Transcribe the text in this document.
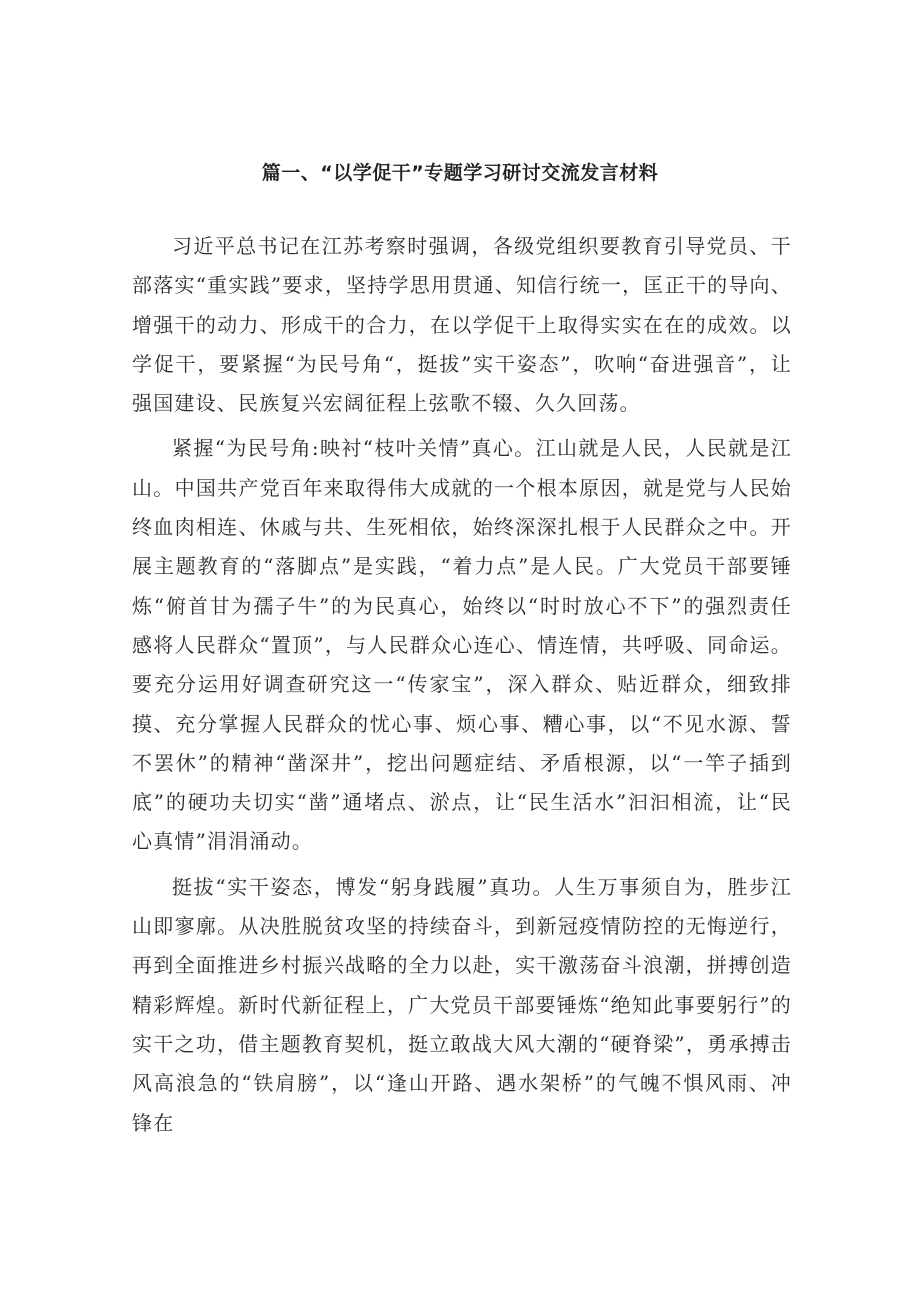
篇一、“以学促干”专题学习研讨交流发言材料

习近平总书记在江苏考察时强调，各级党组织要教育引导党员、干部落实“重实践”要求，坚持学思用贯通、知信行统一，匡正干的导向、增强干的动力、形成干的合力，在以学促干上取得实实在在的成效。以学促干，要紧握“为民号角“，挺拔”实干姿态”，吹响“奋进强音”，让强国建设、民族复兴宏阔征程上弦歌不辍、久久回荡。

紧握“为民号角:映衬“枝叶关情”真心。江山就是人民，人民就是江山。中国共产党百年来取得伟大成就的一个根本原因，就是党与人民始终血肉相连、休戚与共、生死相依，始终深深扎根于人民群众之中。开展主题教育的“落脚点”是实践，“着力点”是人民。广大党员干部要锤炼“俯首甘为孺子牛”的为民真心，始终以“时时放心不下”的强烈责任感将人民群众“置顶”，与人民群众心连心、情连情，共呼吸、同命运。要充分运用好调查研究这一“传家宝”，深入群众、贴近群众，细致排摸、充分掌握人民群众的忧心事、烦心事、糟心事，以“不见水源、誓不罢休”的精神“凿深井”，挖出问题症结、矛盾根源，以“一竿子插到底”的硬功夫切实“凿”通堵点、淤点，让“民生活水”汩汩相流，让“民心真情”涓涓涌动。

挺拔“实干姿态，博发“躬身践履”真功。人生万事须自为，胜步江山即寥廓。从决胜脱贫攻坚的持续奋斗，到新冠疫情防控的无悔逆行，再到全面推进乡村振兴战略的全力以赴，实干激荡奋斗浪潮，拼搏创造精彩辉煌。新时代新征程上，广大党员干部要锤炼“绝知此事要躬行”的实干之功，借主题教育契机，挺立敢战大风大潮的“硬脊梁”，勇承搏击风高浪急的“铁肩膀”，以“逢山开路、遇水架桥”的气魄不惧风雨、冲锋在
